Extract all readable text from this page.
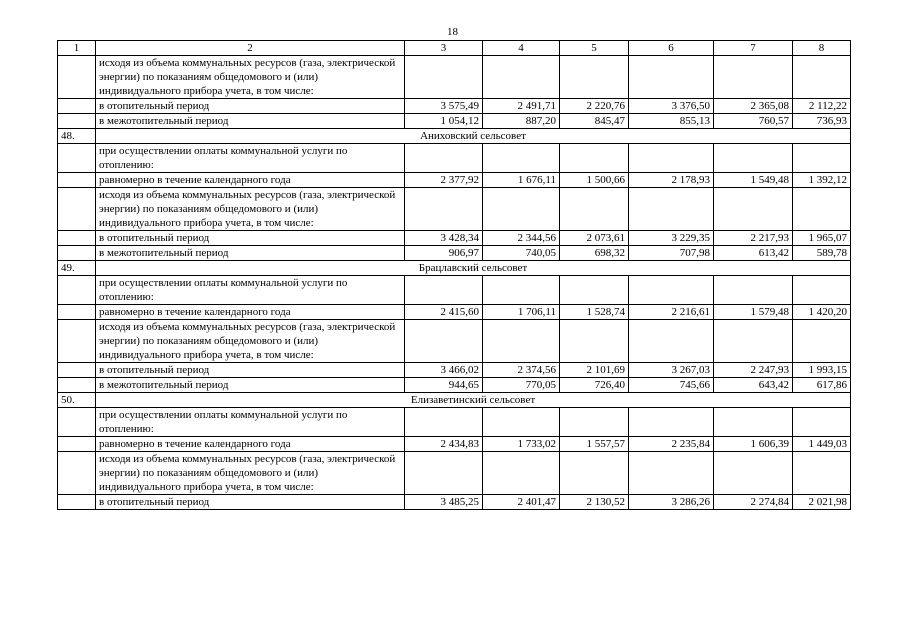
18
1	2	3	4	5	6	7	8
	исходя из объема коммунальных ресурсов (газа, электрической энергии) по показаниям общедомового и (или) индивидуального прибора учета, в том числе:						
	в отопительный период	3 575,49	2 491,71	2 220,76	3 376,50	2 365,08	2 112,22
	в межотопительный период	1 054,12	887,20	845,47	855,13	760,57	736,93
48.	Аниховский сельсовет						
	при осуществлении оплаты коммунальной услуги по отоплению:						
	равномерно в течение календарного года	2 377,92	1 676,11	1 500,66	2 178,93	1 549,48	1 392,12
	исходя из объема коммунальных ресурсов (газа, электрической энергии) по показаниям общедомового и (или) индивидуального прибора учета, в том числе:						
	в отопительный период	3 428,34	2 344,56	2 073,61	3 229,35	2 217,93	1 965,07
	в межотопительный период	906,97	740,05	698,32	707,98	613,42	589,78
49.	Брацлавский сельсовет						
	при осуществлении оплаты коммунальной услуги по отоплению:						
	равномерно в течение календарного года	2 415,60	1 706,11	1 528,74	2 216,61	1 579,48	1 420,20
	исходя из объема коммунальных ресурсов (газа, электрической энергии) по показаниям общедомового и (или) индивидуального прибора учета, в том числе:						
	в отопительный период	3 466,02	2 374,56	2 101,69	3 267,03	2 247,93	1 993,15
	в межотопительный период	944,65	770,05	726,40	745,66	643,42	617,86
50.	Елизаветинский сельсовет						
	при осуществлении оплаты коммунальной услуги по отоплению:						
	равномерно в течение календарного года	2 434,83	1 733,02	1 557,57	2 235,84	1 606,39	1 449,03
	исходя из объема коммунальных ресурсов (газа, электрической энергии) по показаниям общедомового и (или) индивидуального прибора учета, в том числе:						
	в отопительный период	3 485,25	2 401,47	2 130,52	3 286,26	2 274,84	2 021,98
